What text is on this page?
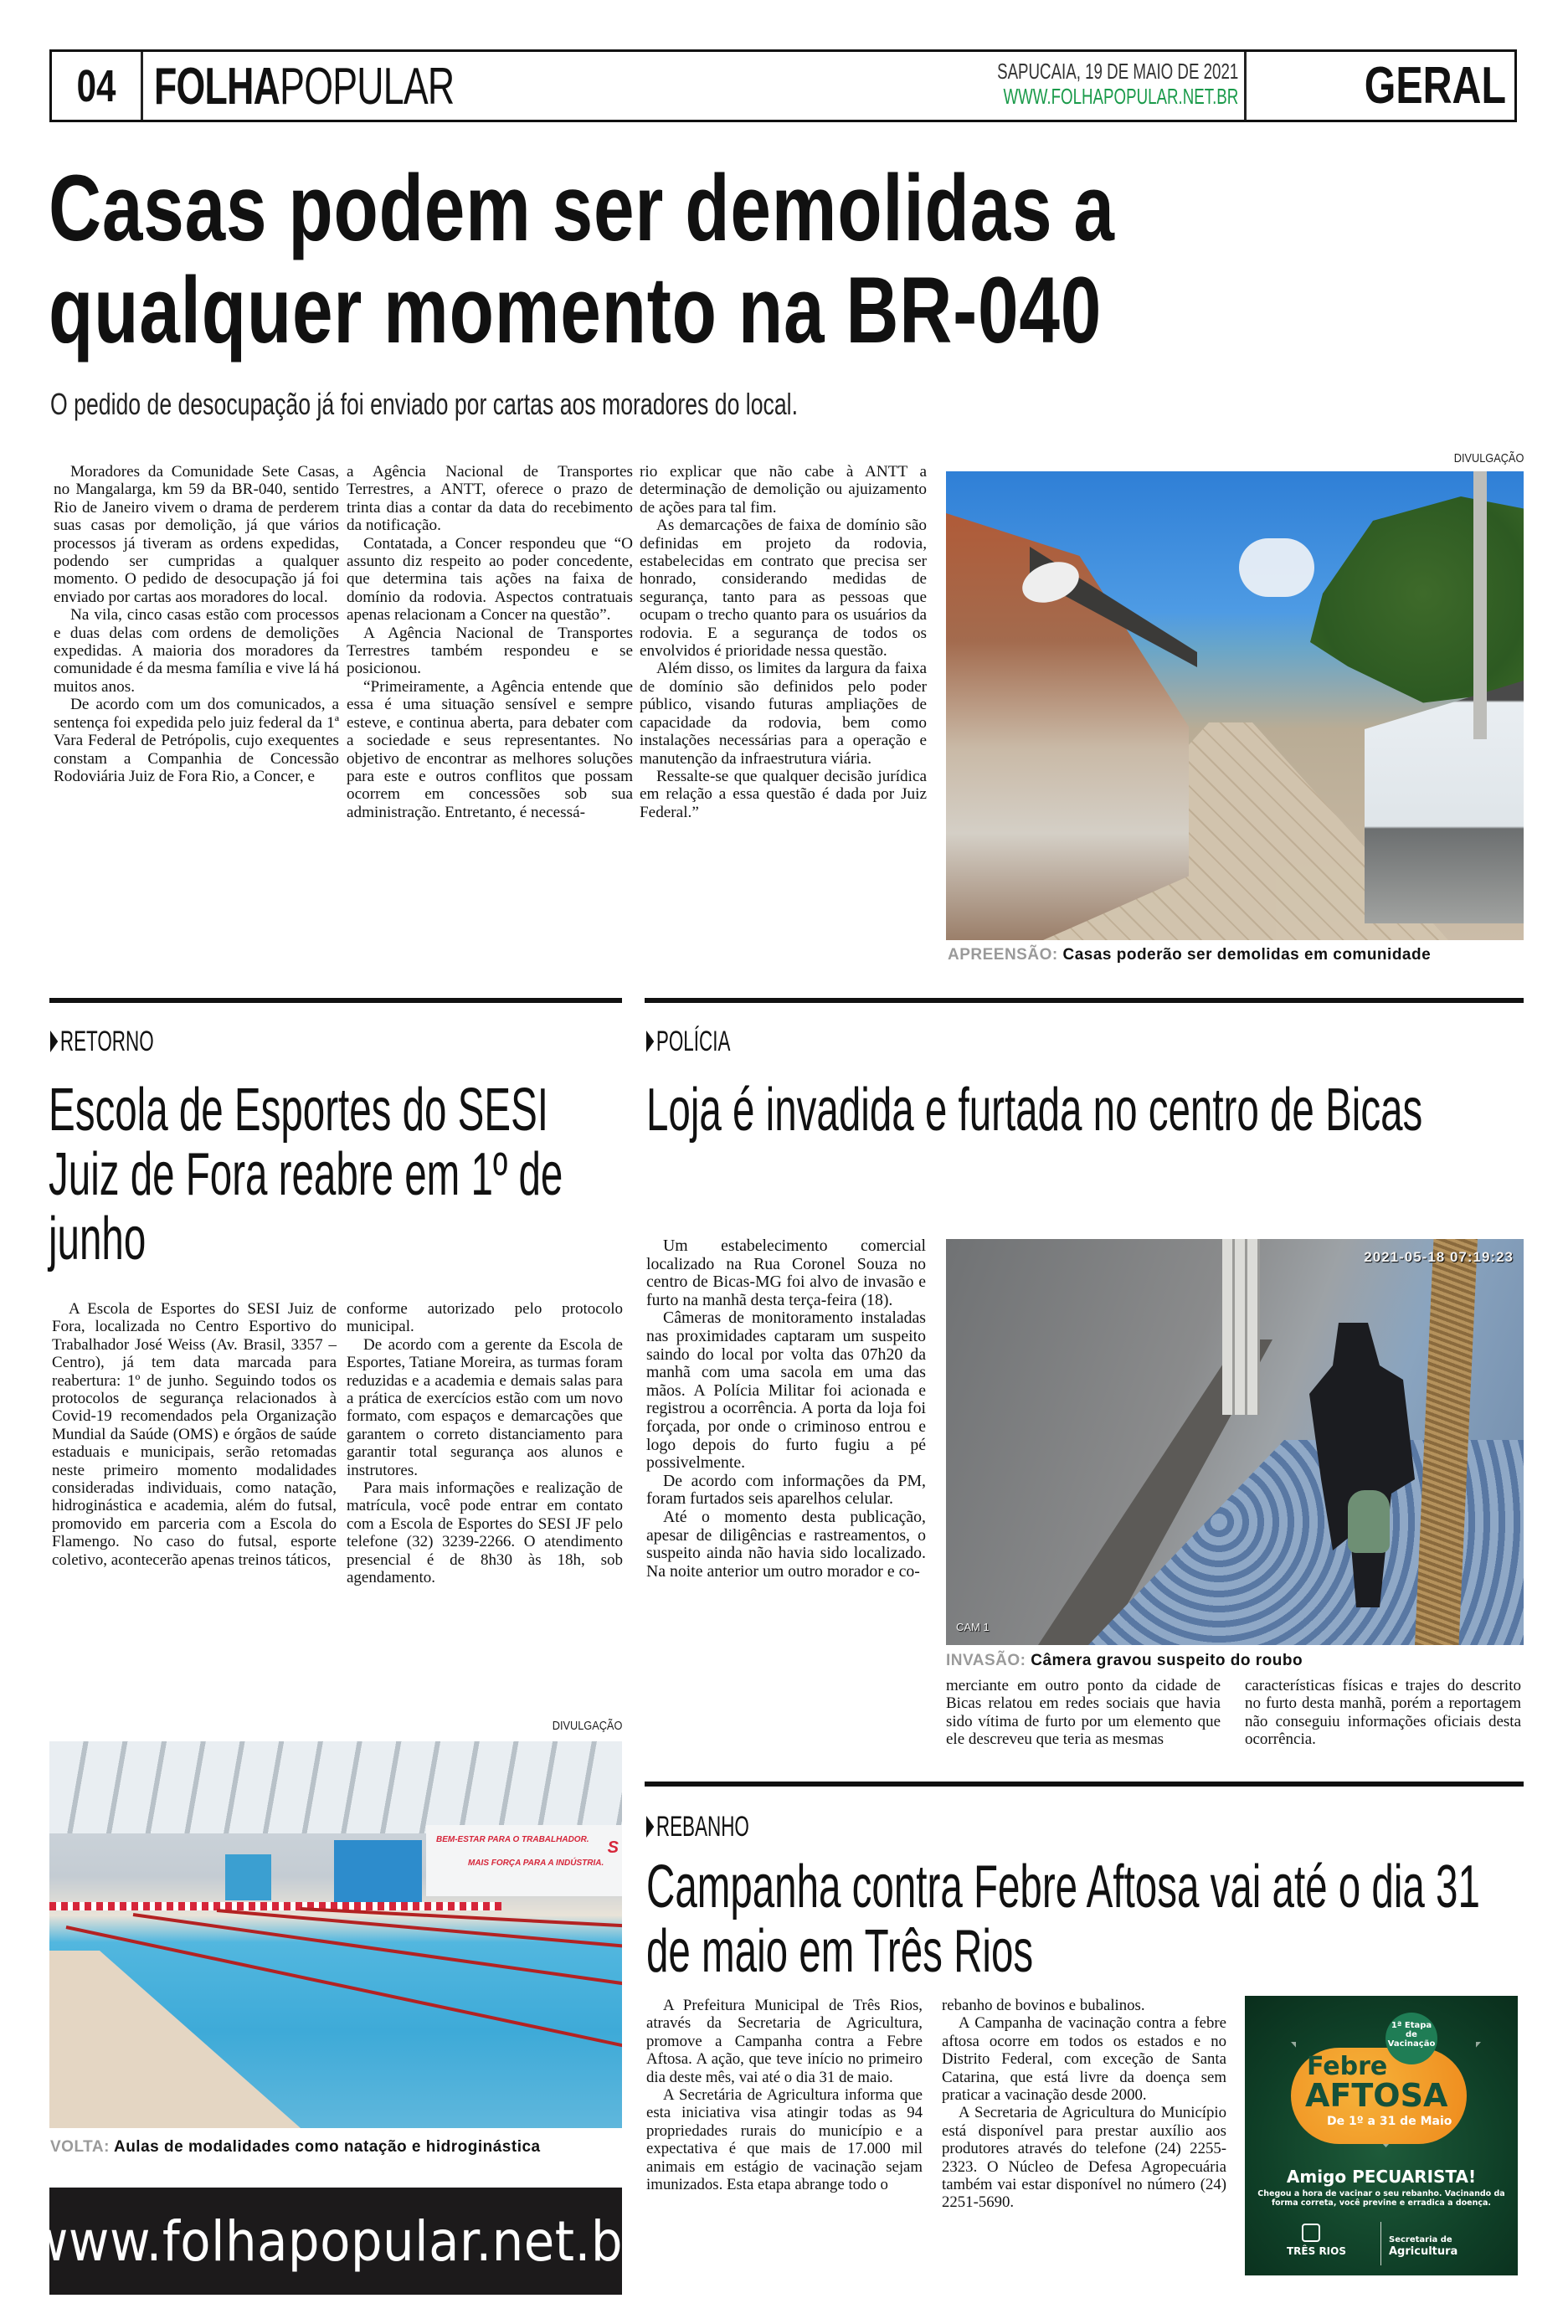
04 FOLHA POPULAR	SAPUCAIA, 19 DE MAIO DE 2021
WWW.FOLHAPOPULAR.NET.BR GERAL
Casas podem ser demolidas a qualquer momento na BR-040
O pedido de desocupação já foi enviado por cartas aos moradores do local.

Moradores da Comunidade Sete Casas, no Mangalarga, km 59 da BR-040, sentido Rio de Janeiro vivem o drama de perderem suas casas por demolição, já que vários processos já tiveram as ordens expedidas, podendo ser cumpridas a qualquer momento. O pedido de desocupação já foi enviado por cartas aos moradores do local.

Na vila, cinco casas estão com processos e duas delas com ordens de demolições expedidas. A maioria dos moradores da comunidade é da mesma família e vive lá há muitos anos.

De acordo com um dos comunicados, a sentença foi expedida pelo juiz federal da 1ª Vara Federal de Petrópolis, cujo exequentes constam a Companhia de Concessão Rodoviária Juiz de Fora Rio, a Concer, e

a Agência Nacional de Transportes Terrestres, a ANTT, oferece o prazo de trinta dias a contar da data do recebimento da notificação.

Contatada, a Concer respondeu que “O assunto diz respeito ao poder concedente, que determina tais ações na faixa de domínio da rodovia. Aspectos contratuais apenas relacionam a Concer na questão”.

A Agência Nacional de Transportes Terrestres também respondeu e se posicionou.

“Primeiramente, a Agência entende que essa é uma situação sensível e sempre esteve, e continua aberta, para debater com a sociedade e seus representantes. No objetivo de encontrar as melhores soluções para este e outros conflitos que possam ocorrem em concessões sob sua administração. Entretanto, é necessá-

rio explicar que não cabe à ANTT a determinação de demolição ou ajuizamento de ações para tal fim.

As demarcações de faixa de domínio são definidas em projeto da rodovia, estabelecidas em contrato que precisa ser honrado, considerando medidas de segurança, tanto para as pessoas que ocupam o trecho quanto para os usuários da rodovia. E a segurança de todos os envolvidos é prioridade nessa questão.

Além disso, os limites da largura da faixa de domínio são definidos pelo poder público, visando futuras ampliações de capacidade da rodovia, bem como instalações necessárias para a operação e manutenção da infraestrutura viária.

Ressalte-se que qualquer decisão jurídica em relação a essa questão é dada por Juiz Federal.”

DIVULGAÇÃO
APREENSÃO: Casas poderão ser demolidas em comunidade
RETORNO
Escola de Esportes do SESI Juiz de Fora reabre em 1º de junho

A Escola de Esportes do SESI Juiz de Fora, localizada no Centro Esportivo do Trabalhador José Weiss (Av. Brasil, 3357 – Centro), já tem data marcada para reabertura: 1º de junho. Seguindo todos os protocolos de segurança relacionados à Covid-19 recomendados pela Organização Mundial da Saúde (OMS) e órgãos de saúde estaduais e municipais, serão retomadas neste primeiro momento modalidades consideradas individuais, como natação, hidroginástica e academia, além do futsal, promovido em parceria com a Escola do Flamengo. No caso do futsal, esporte coletivo, acontecerão apenas treinos táticos,

conforme autorizado pelo protocolo municipal.

De acordo com a gerente da Escola de Esportes, Tatiane Moreira, as turmas foram reduzidas e a academia e demais salas para a prática de exercícios estão com um novo formato, com espaços e demarcações que garantem o correto distanciamento para garantir total segurança aos alunos e instrutores.

Para mais informações e realização de matrícula, você pode entrar em contato com a Escola de Esportes do SESI JF pelo telefone (32) 3239-2266. O atendimento presencial é de 8h30 às 18h, sob agendamento.

DIVULGAÇÃO
BEM-ESTAR PARA O TRABALHADOR.
MAIS FORÇA PARA A INDÚSTRIA.
S
VOLTA: Aulas de modalidades como natação e hidroginástica
www.folhapopular.net.br
POLÍCIA
Loja é invadida e furtada no centro de Bicas

Um estabelecimento comercial localizado na Rua Coronel Souza no centro de Bicas-MG foi alvo de invasão e furto na manhã desta terça-feira (18).

Câmeras de monitoramento instaladas nas proximidades captaram um suspeito saindo do local por volta das 07h20 da manhã com uma sacola em uma das mãos. A Polícia Militar foi acionada e registrou a ocorrência. A porta da loja foi forçada, por onde o criminoso entrou e logo depois do furto fugiu a pé possivelmente.

De acordo com informações da PM, foram furtados seis aparelhos celular.

Até o momento desta publicação, apesar de diligências e rastreamentos, o suspeito ainda não havia sido localizado. Na noite anterior um outro morador e co-

2021-05-18 07:19:23
CAM 1
INVASÃO: Câmera gravou suspeito do roubo

merciante em outro ponto da cidade de Bicas relatou em redes sociais que havia sido vítima de furto por um elemento que ele descreveu que teria as mesmas

características físicas e trajes do descrito no furto desta manhã, porém a reportagem não conseguiu informações oficiais desta ocorrência.

REBANHO
Campanha contra Febre Aftosa vai até o dia 31 de maio em Três Rios

A Prefeitura Municipal de Três Rios, através da Secretaria de Agricultura, promove a Campanha contra a Febre Aftosa. A ação, que teve início no primeiro dia deste mês, vai até o dia 31 de maio.

A Secretária de Agricultura informa que esta iniciativa visa atingir todas as 94 propriedades rurais do município e a expectativa é que mais de 17.000 mil animais em estágio de vacinação sejam imunizados. Esta etapa abrange todo o

rebanho de bovinos e bubalinos.

A Campanha de vacinação contra a febre aftosa ocorre em todos os estados e no Distrito Federal, com exceção de Santa Catarina, que está livre da doença sem praticar a vacinação desde 2000.

A Secretaria de Agricultura do Município está disponível para prestar auxílio aos produtores através do telefone (24) 2255-2323. O Núcleo de Defesa Agropecuária também vai estar disponível no número (24) 2251-5690.

1ª Etapa de Vacinação
Febre
AFTOSA
De 1º a 31 de Maio
Amigo PECUARISTA!
Chegou a hora de vacinar o seu rebanho. Vacinando da forma correta, você previne e erradica a doença.
TRÊS RIOS
Secretaria de
Agricultura
